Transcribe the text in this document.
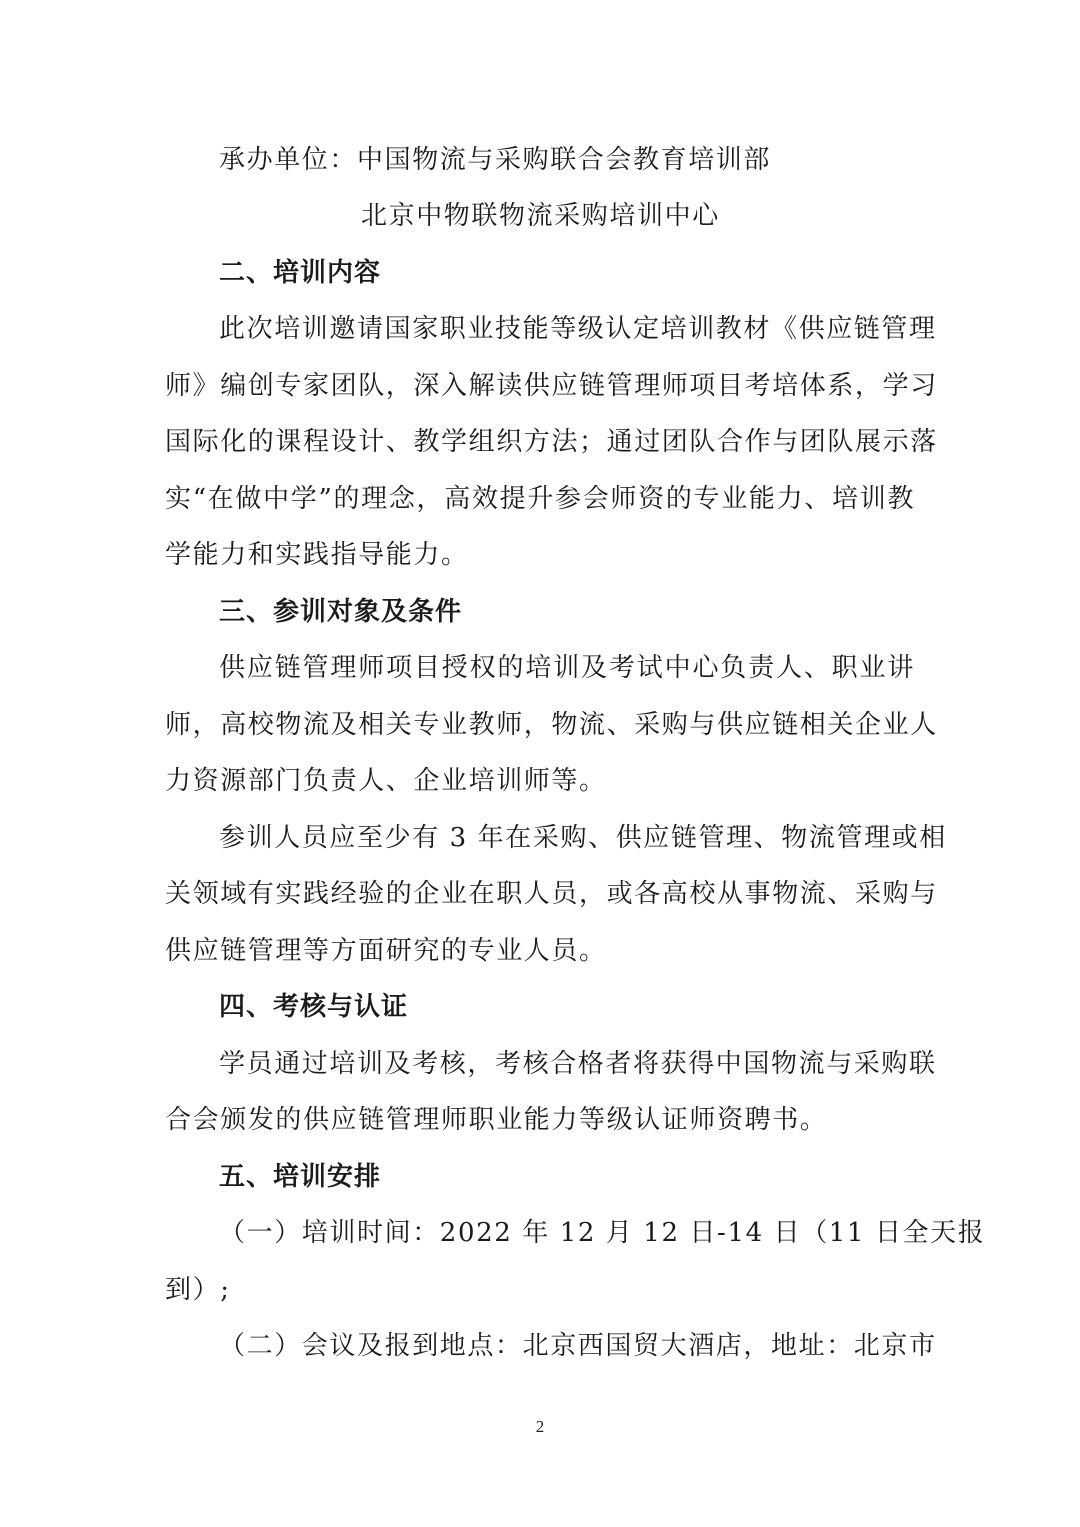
承办单位：中国物流与采购联合会教育培训部
北京中物联物流采购培训中心
二、培训内容
此次培训邀请国家职业技能等级认定培训教材《供应链管理
师》编创专家团队，深入解读供应链管理师项目考培体系，学习
国际化的课程设计、教学组织方法；通过团队合作与团队展示落
实“在做中学”的理念，高效提升参会师资的专业能力、培训教
学能力和实践指导能力。
三、参训对象及条件
供应链管理师项目授权的培训及考试中心负责人、职业讲
师，高校物流及相关专业教师，物流、采购与供应链相关企业人
力资源部门负责人、企业培训师等。
参训人员应至少有 3 年在采购、供应链管理、物流管理或相
关领域有实践经验的企业在职人员，或各高校从事物流、采购与
供应链管理等方面研究的专业人员。
四、考核与认证
学员通过培训及考核，考核合格者将获得中国物流与采购联
合会颁发的供应链管理师职业能力等级认证师资聘书。
五、培训安排
（一）培训时间：2022 年 12 月 12 日-14 日（11 日全天报
到）;
（二）会议及报到地点：北京西国贸大酒店，地址：北京市
2
